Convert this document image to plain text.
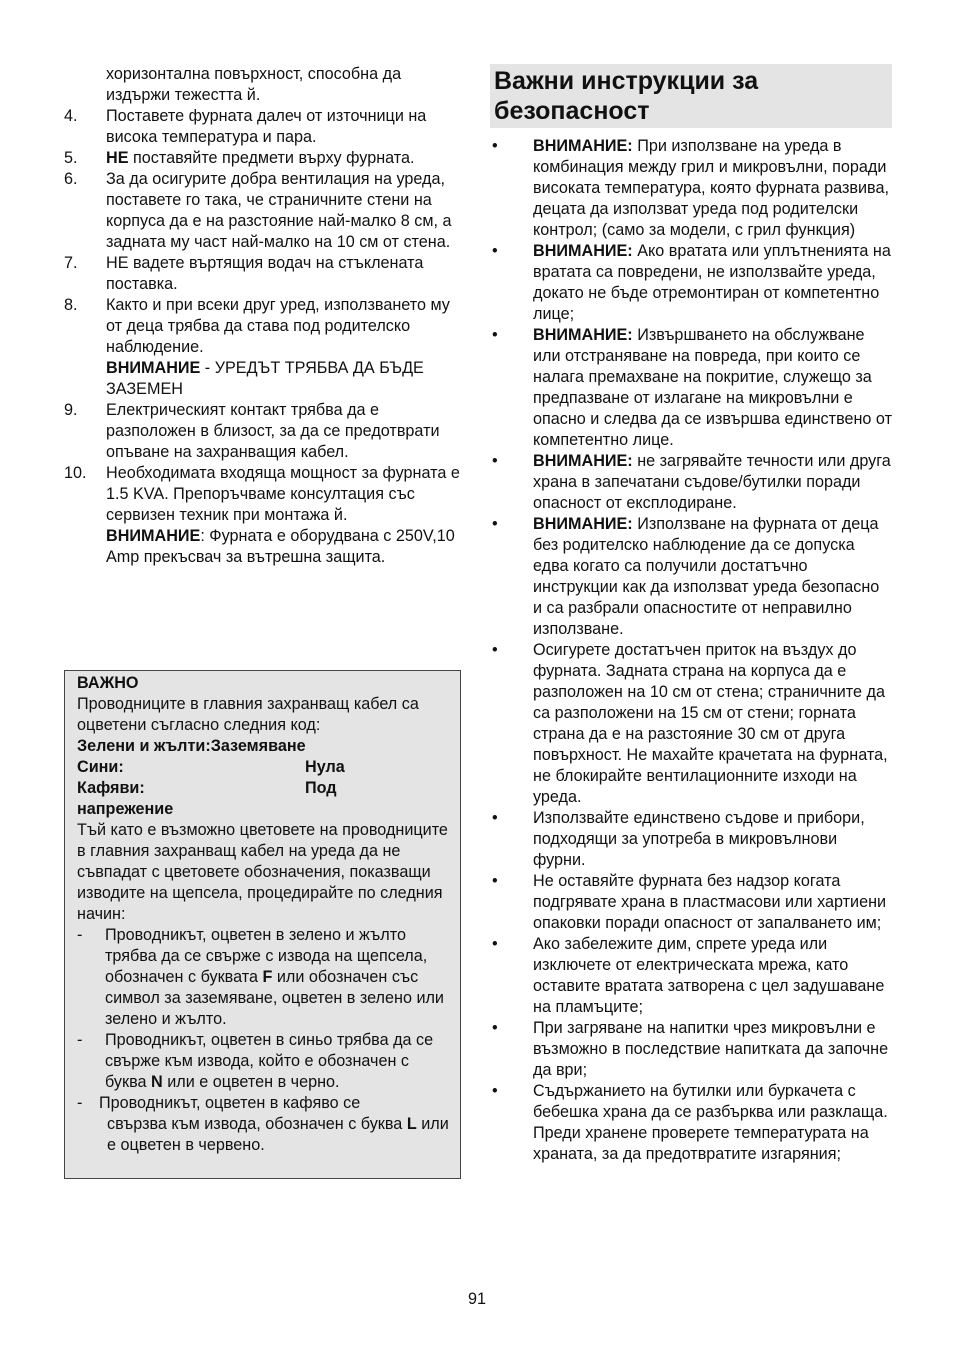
хоризонтална повърхност, способна да издържи тежестта й.
4. Поставете фурната далеч от източници на висока температура и пара.
5. НЕ поставяйте предмети върху фурната.
6. За да осигурите добра вентилация на уреда, поставете го така, че страничните стени на корпуса да е на разстояние най-малко 8 см, а задната му част най-малко на 10 см от стена.
7. НЕ вадете въртящия водач на стъклената поставка.
8. Както и при всеки друг уред, използването му от деца трябва да става под родителско наблюдение.
ВНИМАНИЕ - УРЕДЪТ ТРЯБВА ДА БЪДЕ ЗАЗЕМЕН
9. Електрическият контакт трябва да е разположен в близост, за да се предотврати опъване на захранващия кабел.
10. Необходимата входяща мощност за фурната е 1.5 KVA. Препоръчваме консултация със сервизен техник при монтажа й.
ВНИМАНИЕ: Фурната е оборудвана с 250V,10 Amp прекъсвач за вътрешна защита.
ВАЖНО
Проводниците в главния захранващ кабел са оцветени съгласно следния код:
Зелени и жълти:Заземяване
Сини:	Нула
Кафяви:	Под
напрежение
Тъй като е възможно цветовете на проводниците в главния захранващ кабел на уреда да не съвпадат с цветовете обозначения, показващи изводите на щепсела, процедирайте по следния начин:
- Проводникът, оцветен в зелено и жълто трябва да се свърже с извода на щепсела, обозначен с буквата F или обозначен със символ за заземяване, оцветен в зелено или зелено и жълто.
- Проводникът, оцветен в синьо трябва да се свърже към извода, който е обозначен с буква N или е оцветен в черно.
- Проводникът, оцветен в кафяво се
свързва към извода, обозначен с буква L или е оцветен в червено.
Важни инструкции за безопасност
• ВНИМАНИЕ: При използване на уреда в комбинация между грил и микровълни, поради високата температура, която фурната развива, децата да използват уреда под родителски контрол; (само за модели, с грил функция)
• ВНИМАНИЕ: Ако вратата или уплътненията на вратата са повредени, не използвайте уреда, докато не бъде отремонтиран от компетентно лице;
• ВНИМАНИЕ: Извършването на обслужване или отстраняване на повреда, при които се налага премахване на покритие, служещо за предпазване от излагане на микровълни е опасно и следва да се извършва единствено от компетентно лице.
• ВНИМАНИЕ: не загрявайте течности или друга храна в запечатани съдове/бутилки поради опасност от експлодиране.
• ВНИМАНИЕ: Използване на фурната от деца без родителско наблюдение да се допуска едва когато са получили достатъчно инструкции как да използват уреда безопасно и са разбрали опасностите от неправилно използване.
• Осигурете достатъчен приток на въздух до фурната. Задната страна на корпуса да е разположен на 10 см от стена; страничните да са разположени на 15 см от стени; горната страна да е на разстояние 30 см от друга повърхност. Не махайте крачетата на фурната, не блокирайте вентилационните изходи на уреда.
• Използвайте единствено съдове и прибори, подходящи за употреба в микровълнови фурни.
• Не оставяйте фурната без надзор когата подгрявате храна в пластмасови или хартиени опаковки поради опасност от запалването им;
• Ако забележите дим, спрете уреда или изключете от електрическата мрежа, като оставите вратата затворена с цел задушаване на пламъците;
• При загряване на напитки чрез микровълни е възможно в последствие напитката да започне да ври;
• Съдържанието на бутилки или буркачета с бебешка храна да се разбърква или разклаща. Преди хранене проверете температурата на храната, за да предотвратите изгаряния;
91
